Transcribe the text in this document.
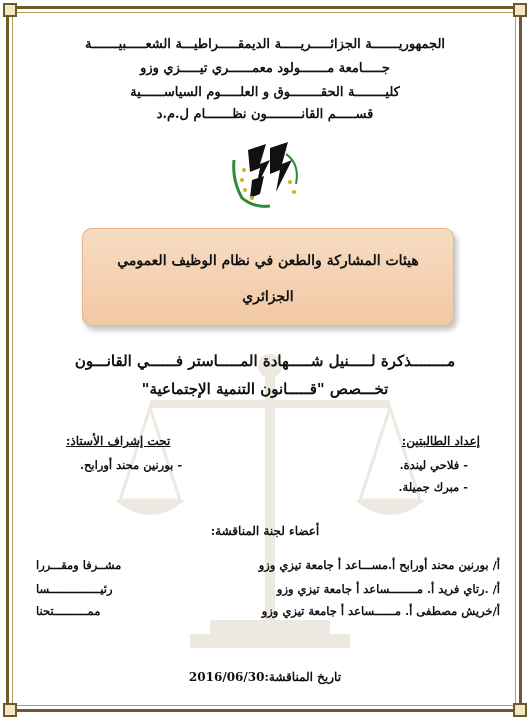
الجمهوريـــــــة الجزائـــــريـــــة الديمقـــــراطيـــة الشعـــــبيـــــــة
جـــــامعة مـــــــولود معمــــــري تيـــــزي وزو
كليــــــــة الحقــــــــوق و العلـــــوم السياســــــية
قســـــم القانـــــــــون نظـــــــام ل.م.د
هيئات المشاركة والطعن في نظام الوظيف العمومي
الجزائري
مــــــــذكرة لـــــنيل شـــــهادة المـــــاستر فــــــي القانـــون
تخـــصص "قـــــانون التنمية الإجتماعية"
إعداد الطالبتين:
- فلاحي ليندة.
- مبرك جميلة.
تحت إشراف الأستاذ:
- بورنين محند أورابح.
أعضاء لجنة المناقشة:
أ/ بورنين محند أورابح أ.مســـاعد أ جامعة تيزي وزو
مشــرفا ومقـــررا
أ/ .رتاي فريد أ. مــــــــساعد أ جامعة تيزي وزو
رئيـــــــــــــــسا
أ/خريش مصطفى أ. مــــــساعد أ جامعة تيزي وزو
ممــــــــــتحنا
تاريخ المناقشة:2016/06/30
